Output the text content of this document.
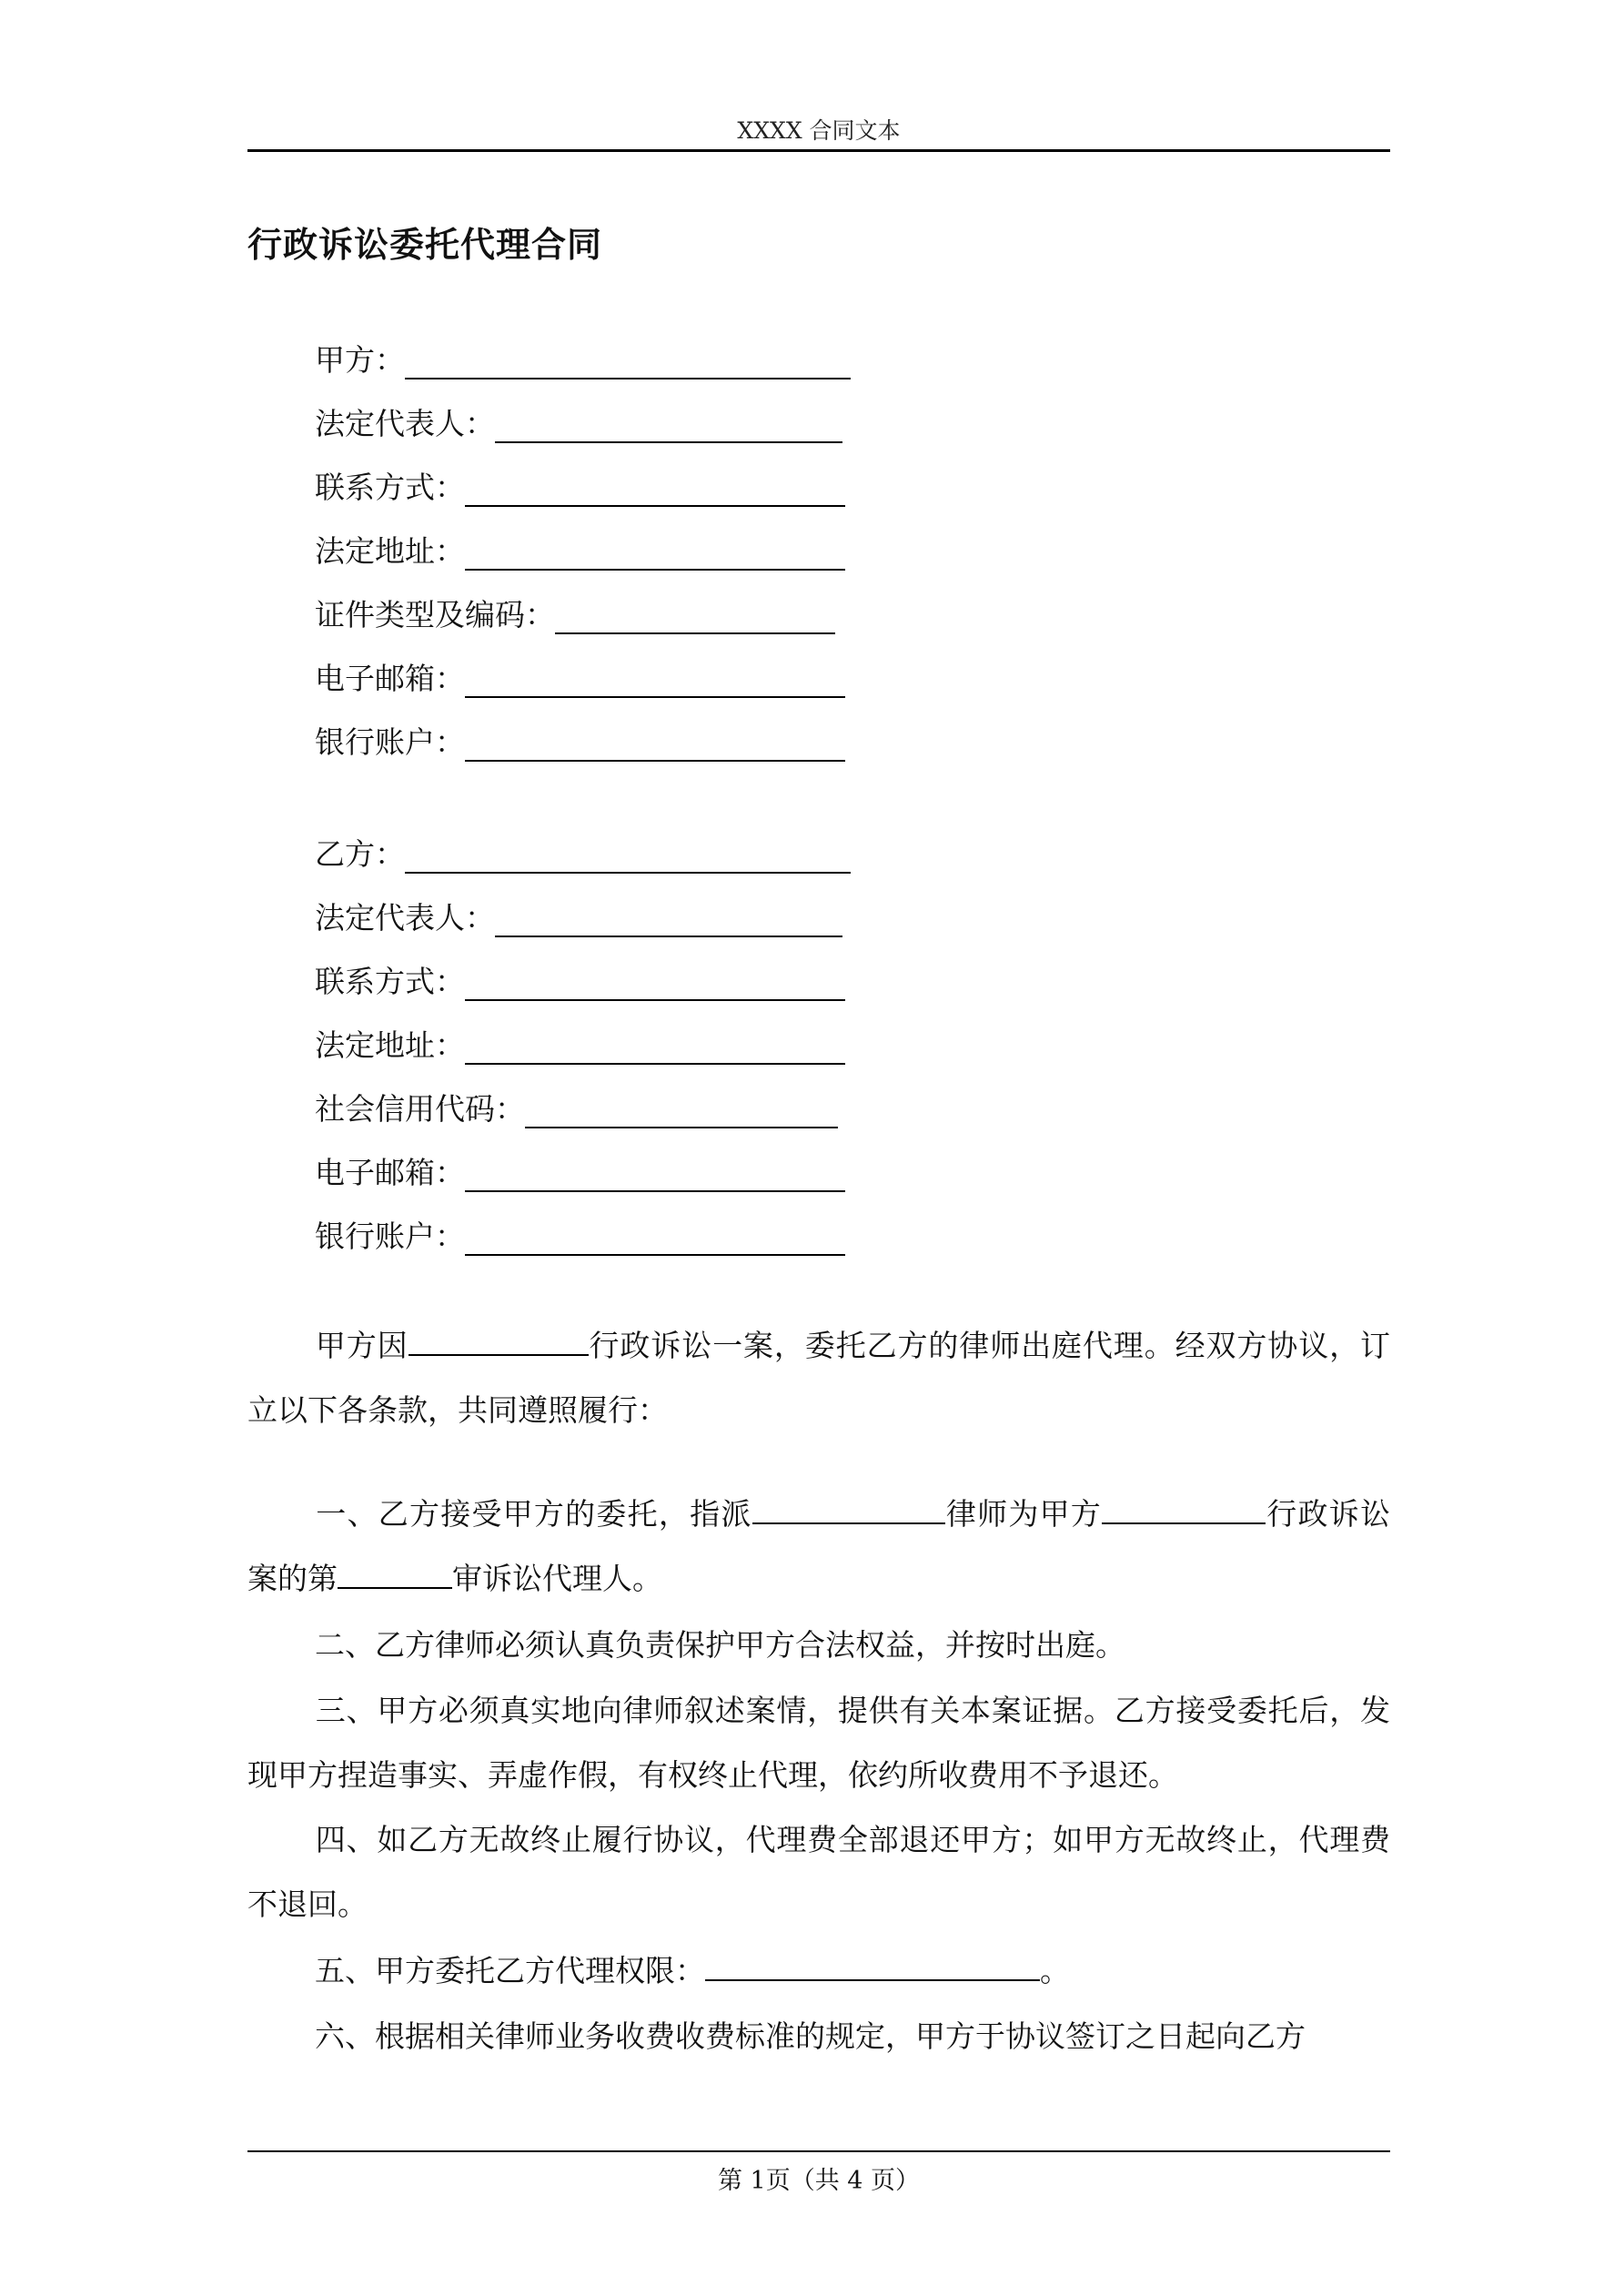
XXXX 合同文本
行政诉讼委托代理合同
甲方：
法定代表人：
联系方式：
法定地址：
证件类型及编码：
电子邮箱：
银行账户：
乙方：
法定代表人：
联系方式：
法定地址：
社会信用代码：
电子邮箱：
银行账户：
甲方因	行政诉讼一案，委托乙方的律师出庭代理。经双方协议，订立以下各条款，共同遵照履行：
一、乙方接受甲方的委托，指派	律师为甲方	行政诉讼案的第	审诉讼代理人。
二、乙方律师必须认真负责保护甲方合法权益，并按时出庭。
三、甲方必须真实地向律师叙述案情，提供有关本案证据。乙方接受委托后，发现甲方捏造事实、弄虚作假，有权终止代理，依约所收费用不予退还。
四、如乙方无故终止履行协议，代理费全部退还甲方；如甲方无故终止，代理费不退回。
五、甲方委托乙方代理权限：	。
六、根据相关律师业务收费收费标准的规定，甲方于协议签订之日起向乙方
第 1页（共 4 页）
